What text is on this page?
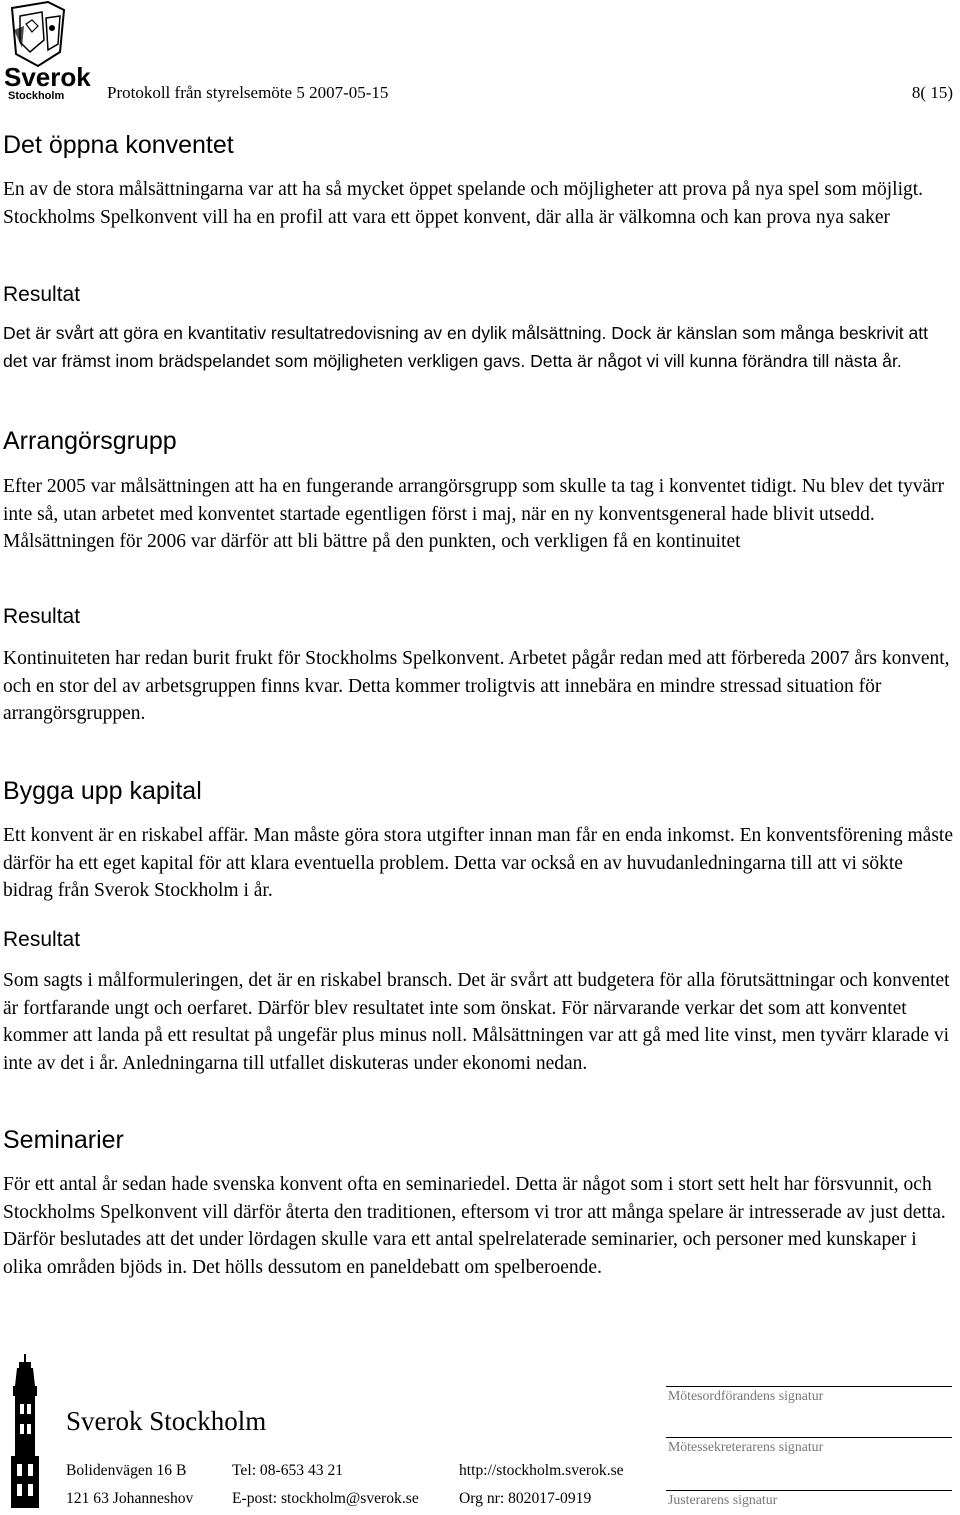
Sverok
Stockholm	Protokoll från styrelsemöte 5 2007-05-15	8( 15)
Det öppna konventet
En av de stora målsättningarna var att ha så mycket öppet spelande och möjligheter att prova på nya spel som möjligt. Stockholms Spelkonvent vill ha en profil att vara ett öppet konvent, där alla är välkomna och kan prova nya saker
Resultat
Det är svårt att göra en kvantitativ resultatredovisning av en dylik målsättning. Dock är känslan som många beskrivit att det var främst inom brädspelandet som möjligheten verkligen gavs. Detta är något vi vill kunna förändra till nästa år.
Arrangörsgrupp
Efter 2005 var målsättningen att ha en fungerande arrangörsgrupp som skulle ta tag i konventet tidigt. Nu blev det tyvärr inte så, utan arbetet med konventet startade egentligen först i maj, när en ny konventsgeneral hade blivit utsedd. Målsättningen för 2006 var därför att bli bättre på den punkten, och verkligen få en kontinuitet
Resultat
Kontinuiteten har redan burit frukt för Stockholms Spelkonvent. Arbetet pågår redan med att förbereda 2007 års konvent, och en stor del av arbetsgruppen finns kvar. Detta kommer troligtvis att innebära en mindre stressad situation för arrangörsgruppen.
Bygga upp kapital
Ett konvent är en riskabel affär. Man måste göra stora utgifter innan man får en enda inkomst. En konventsförening måste därför ha ett eget kapital för att klara eventuella problem. Detta var också en av huvudanledningarna till att vi sökte bidrag från Sverok Stockholm i år.
Resultat
Som sagts i målformuleringen, det är en riskabel bransch. Det är svårt att budgetera för alla förutsättningar och konventet är fortfarande ungt och oerfaret. Därför blev resultatet inte som önskat. För närvarande verkar det som att konventet kommer att landa på ett resultat på ungefär plus minus noll. Målsättningen var att gå med lite vinst, men tyvärr klarade vi inte av det i år. Anledningarna till utfallet diskuteras under ekonomi nedan.
Seminarier
För ett antal år sedan hade svenska konvent ofta en seminariedel. Detta är något som i stort sett helt har försvunnit, och Stockholms Spelkonvent vill därför återta den traditionen, eftersom vi tror att många spelare är intresserade av just detta. Därför beslutades att det under lördagen skulle vara ett antal spelrelaterade seminarier, och personer med kunskaper i olika områden bjöds in. Det hölls dessutom en paneldebatt om spelberoende.
Sverok Stockholm
Bolidenvägen 16 B
121 63 Johanneshov
Tel: 08-653 43 21
E-post: stockholm@sverok.se
http://stockholm.sverok.se
Org nr: 802017-0919
Mötesordförandens signatur
Mötessekreterarens signatur
Justerarens signatur
